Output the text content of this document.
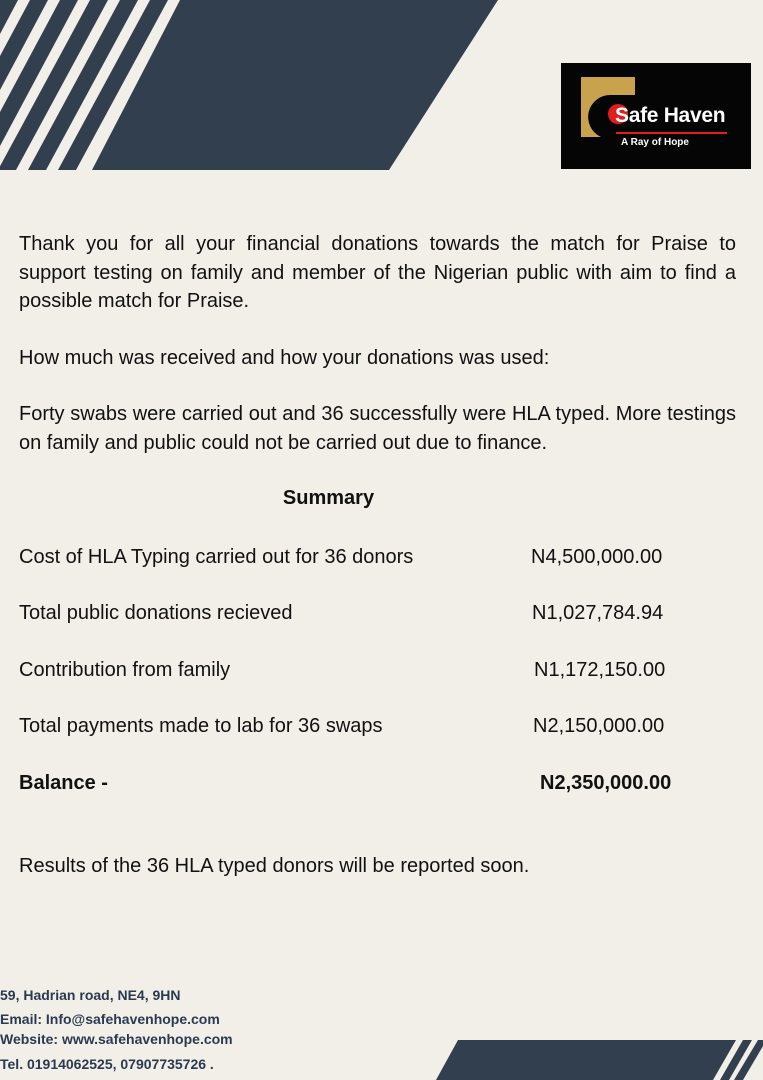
Safe Haven
A Ray of Hope

Thank you for all your financial donations towards the match for Praise to support testing on family and member of the Nigerian public with aim to find a possible match for Praise.

How much was received and how your donations was used:

Forty swabs were carried out and 36 successfully were HLA typed. More testings on family and public could not be carried out due to finance.

Summary

Cost of HLA Typing carried out for 36 donors	N4,500,000.00

Total public donations recieved	N1,027,784.94

Contribution from family	N1,172,150.00

Total payments made to lab for 36 swaps	N2,150,000.00

Balance -	N2,350,000.00

Results of the 36 HLA typed donors will be reported soon.

59, Hadrian road, NE4, 9HN

Email: Info@safehavenhope.com

Website: www.safehavenhope.com

Tel. 01914062525, 07907735726 .
